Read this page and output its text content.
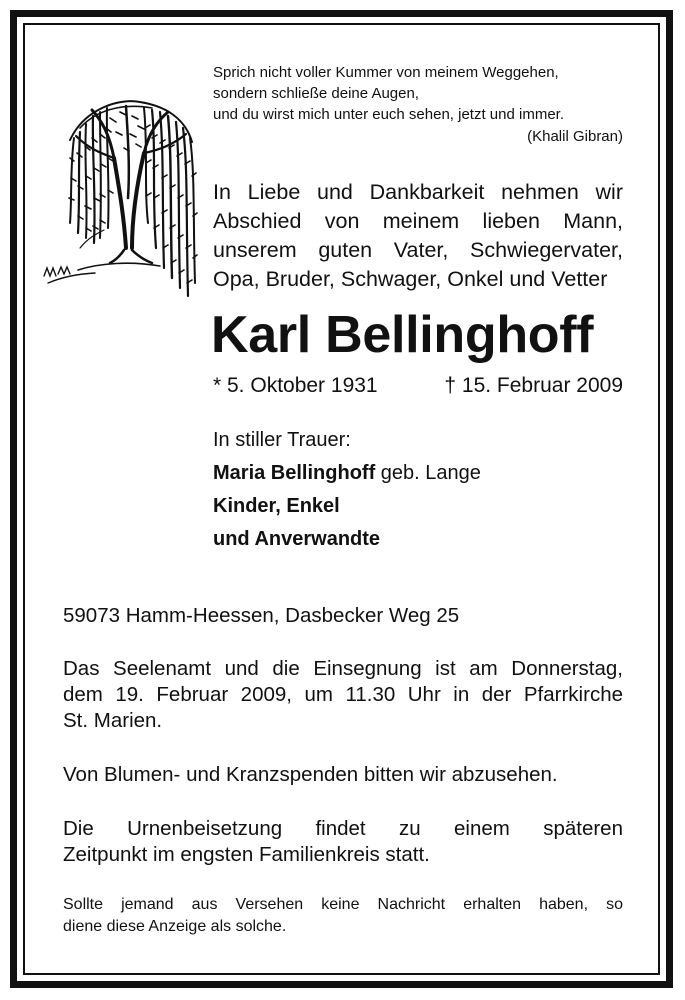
Sprich nicht voller Kummer von meinem Weggehen,
sondern schließe deine Augen,
und du wirst mich unter euch sehen, jetzt und immer.
(Khalil Gibran)
In Liebe und Dankbarkeit nehmen wir
Abschied von meinem lieben Mann,
unserem guten Vater, Schwiegervater,
Opa, Bruder, Schwager, Onkel und Vetter
Karl Bellinghoff
* 5. Oktober 1931	† 15. Februar 2009
In stiller Trauer:
Maria Bellinghoff geb. Lange
Kinder, Enkel
und Anverwandte
59073 Hamm-Heessen, Dasbecker Weg 25
Das Seelenamt und die Einsegnung ist am Donnerstag,
dem 19. Februar 2009, um 11.30 Uhr in der Pfarrkirche
St. Marien.
Von Blumen- und Kranzspenden bitten wir abzusehen.
Die Urnenbeisetzung findet zu einem späteren
Zeitpunkt im engsten Familienkreis statt.
Sollte jemand aus Versehen keine Nachricht erhalten haben, so
diene diese Anzeige als solche.
